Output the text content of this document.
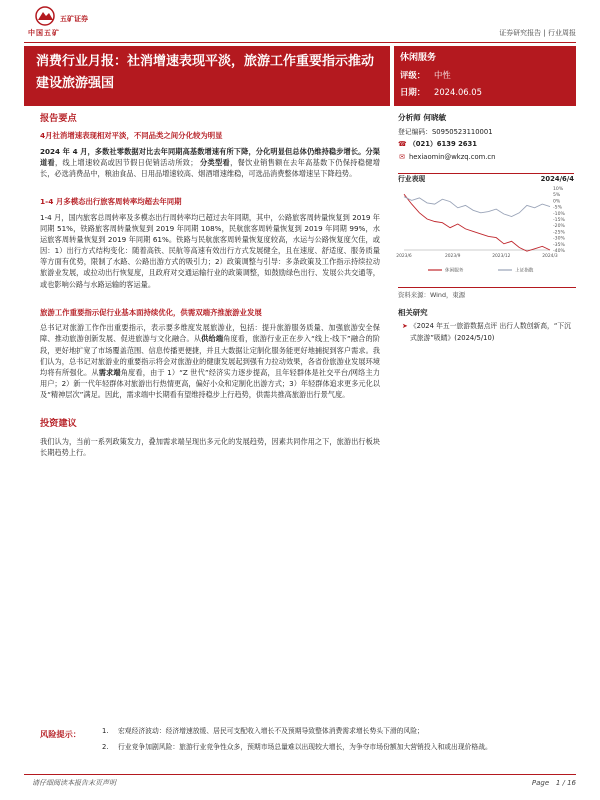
五矿证券
中国五矿	证券研究报告 | 行业周报
消费行业月报：社消增速表现平淡，旅游工作重要指示推动建设旅游强国
休闲服务
评级： 中性
日期： 2024.06.05
报告要点
4月社消增速表现相对平淡，不同品类之间分化较为明显
2024 年 4 月，多数社零数据对比去年同期高基数增速有所下降，分化明显但总体仍维持稳步增长。分渠道看，线上增速较高或因节假日促销活动所致； 分类型看，餐饮业销售额在去年高基数下仍保持稳健增长，必选消费品中，粮油食品、日用品增速较高、烟酒增速维稳，可选品消费整体增速呈下降趋势。
1-4 月多模态出行旅客周转率均超去年同期
1-4 月，国内旅客总周转率及多模态出行周转率均已超过去年同期，其中，公路旅客周转量恢复到 2019 年同期 51%，铁路旅客周转量恢复到 2019 年同期 108%，民航旅客周转量恢复到 2019 年同期 99%，水运旅客周转量恢复到 2019 年同期 61%。铁路与民航旅客周转量恢复度较高，水运与公路恢复度欠佳，或因：1）出行方式结构变化：随着高铁、民航等高速有效出行方式发展健全，且在速度、舒适度、服务质量等方面有优势，限制了水路、公路出游方式的吸引力；2）政策调整与引导：多条政策及工作指示持续拉动旅游业发展，或拉动出行恢复度，且政府对交通运输行业的政策调整，如鼓励绿色出行、发展公共交通等，或也影响公路与水路运输的客运量。
旅游工作重要指示促行业基本面持续优化，供需双端齐推旅游业发展
总书记对旅游工作作出重要指示，表示要多维度发展旅游业，包括：提升旅游服务质量、加强旅游安全保障、推动旅游创新发展、促进旅游与文化融合。从供给端角度看，旅游行业正在步入“线上-线下”融合的阶段，更好地扩宽了市场覆盖范围、信息传播更便捷，并且大数据让定制化服务能更好地捕捉到客户需求。我们认为，总书记对旅游业的重要指示将会对旅游业的健康发展起到强有力拉动效果，各省份旅游业发展环境均将有所强化。从需求端角度看，由于 1）“Z 世代”经济实力逐步提高，且年轻群体是社交平台/网络主力用户；2）新一代年轻群体对旅游出行热情更高，偏好小众和定制化出游方式；3）年轻群体追求更多元化以及“精神层次”满足。因此，需求端中长期看有望维持稳步上行趋势，供需共推高旅游出行景气度。
投资建议
我们认为，当前一系列政策发力，叠加需求端呈现出多元化的发展趋势，因素共同作用之下，旅游出行板块长期趋势上行。
分析师 何晓敏
登记编码：S0950523110001
☎ （021）6139 2631
✉ hexiaomin@wkzq.com.cn
行业表现	2024/6/4
10%
5%
0%
-5%
-10%
-15%
-20%
-25%
-30%
-35%
-40%
2023/6	2023/9	2023/12	2024/3
休闲服务	上证指数
资料来源：Wind，東源
相关研究
➤ 《2024 年五一旅游数据点评 出行人数创新高，“下沉式旅游”吸睛》(2024/5/10)
风险提示：	1. 宏观经济波动：经济增速放缓、居民可支配收入增长不及预期导致整体消费需求增长势头下滑的风险；
2. 行业竞争加剧风险：旅游行业竞争性众多，预期市场总量难以出现较大增长，为争夺市场份额加大营销投入和或出现价格战。
请仔细阅读本报告末页声明	Page 1 / 16
